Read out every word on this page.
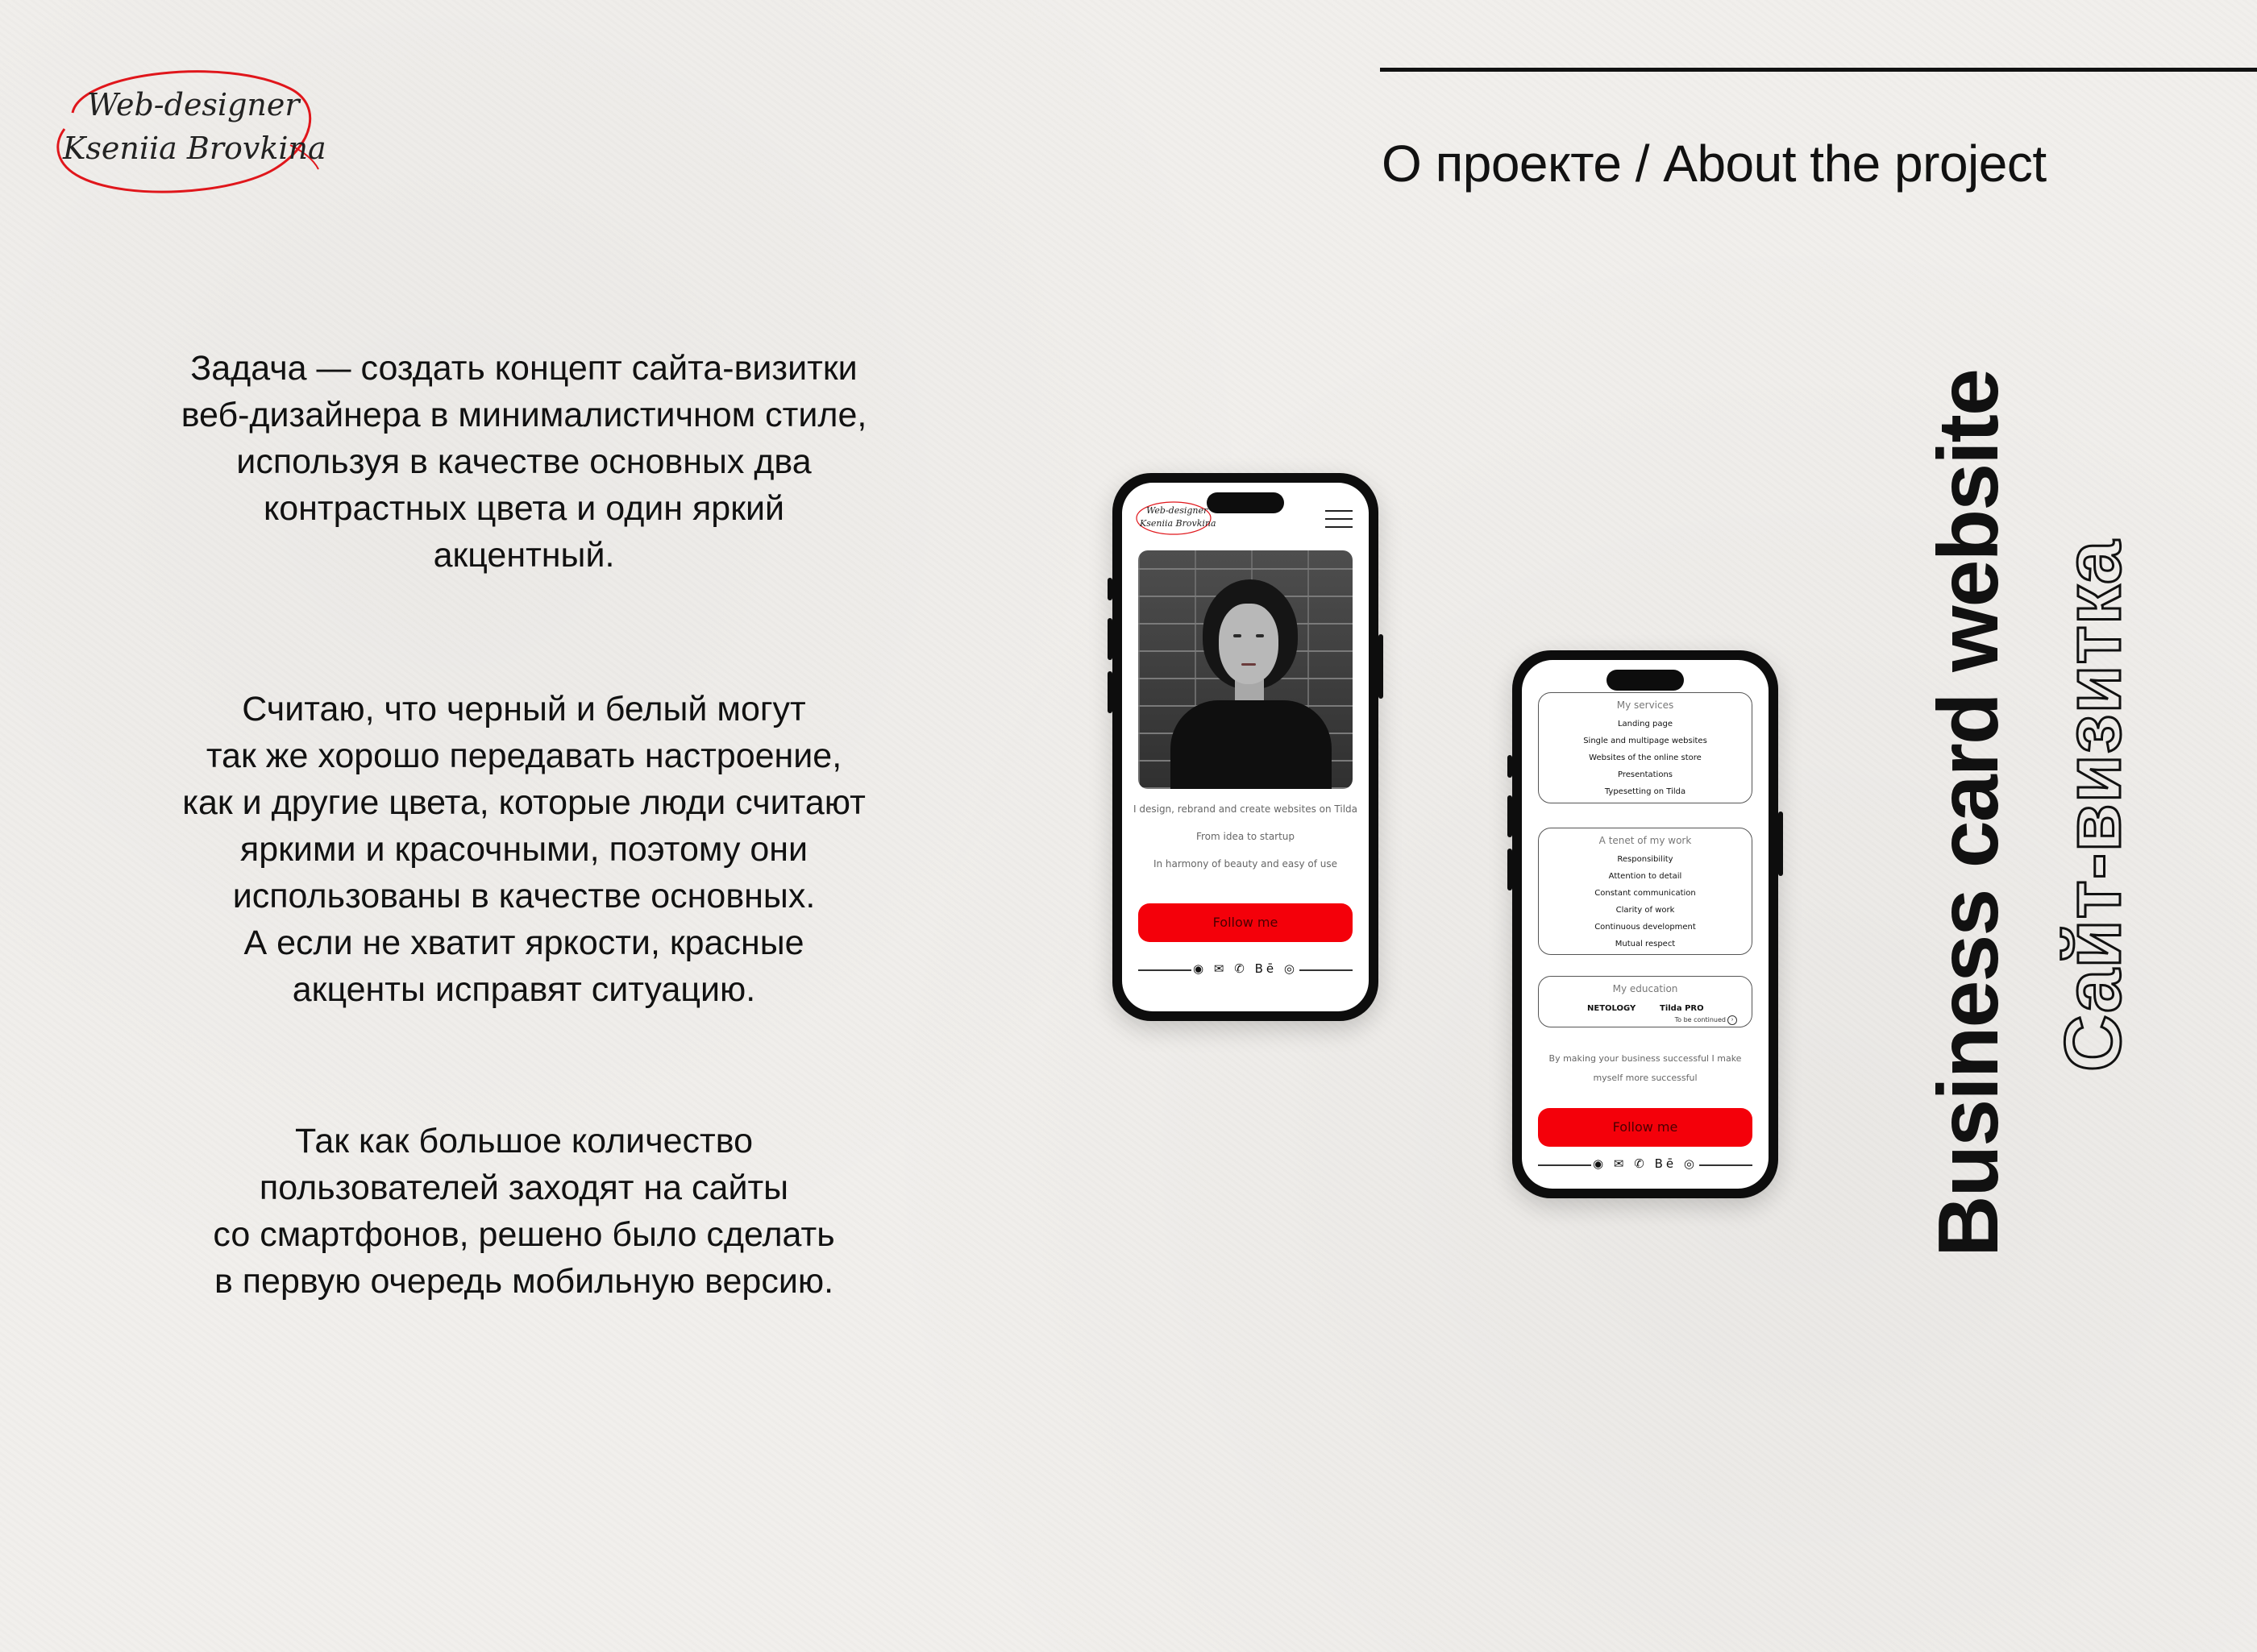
Web-designer
Kseniia Brovkina	О проекте / About the project
Задача — создать концепт сайта-визитки
веб-дизайнера в минималистичном стиле,
используя в качестве основных два
контрастных цвета и один яркий
акцентный.
Считаю, что черный и белый могут
так же хорошо передавать настроение,
как и другие цвета, которые люди считают
яркими и красочными, поэтому они
использованы в качестве основных.
А если не хватит яркости, красные
акценты исправят ситуацию.
Так как большое количество
пользователей заходят на сайты
со смартфонов, решено было сделать
в первую очередь мобильную версию.
Web-designer
Kseniia Brovkina
I design, rebrand and create websites on Tilda
From idea to startup
In harmony of beauty and easy of use
Follow me
◉ ✉ ✆ Bē ◎
My services
Landing page
Single and multipage websites
Websites of the online store
Presentations
Typesetting on Tilda
A tenet of my work
Responsibility
Attention to detail
Constant communication
Clarity of work
Continuous development
Mutual respect
My education
NETOLOGY	Tilda PRO
To be continued ›
By making your business successful I make
myself more successful
Follow me
◉ ✉ ✆ Bē ◎	Business card website Сайт-визитка
